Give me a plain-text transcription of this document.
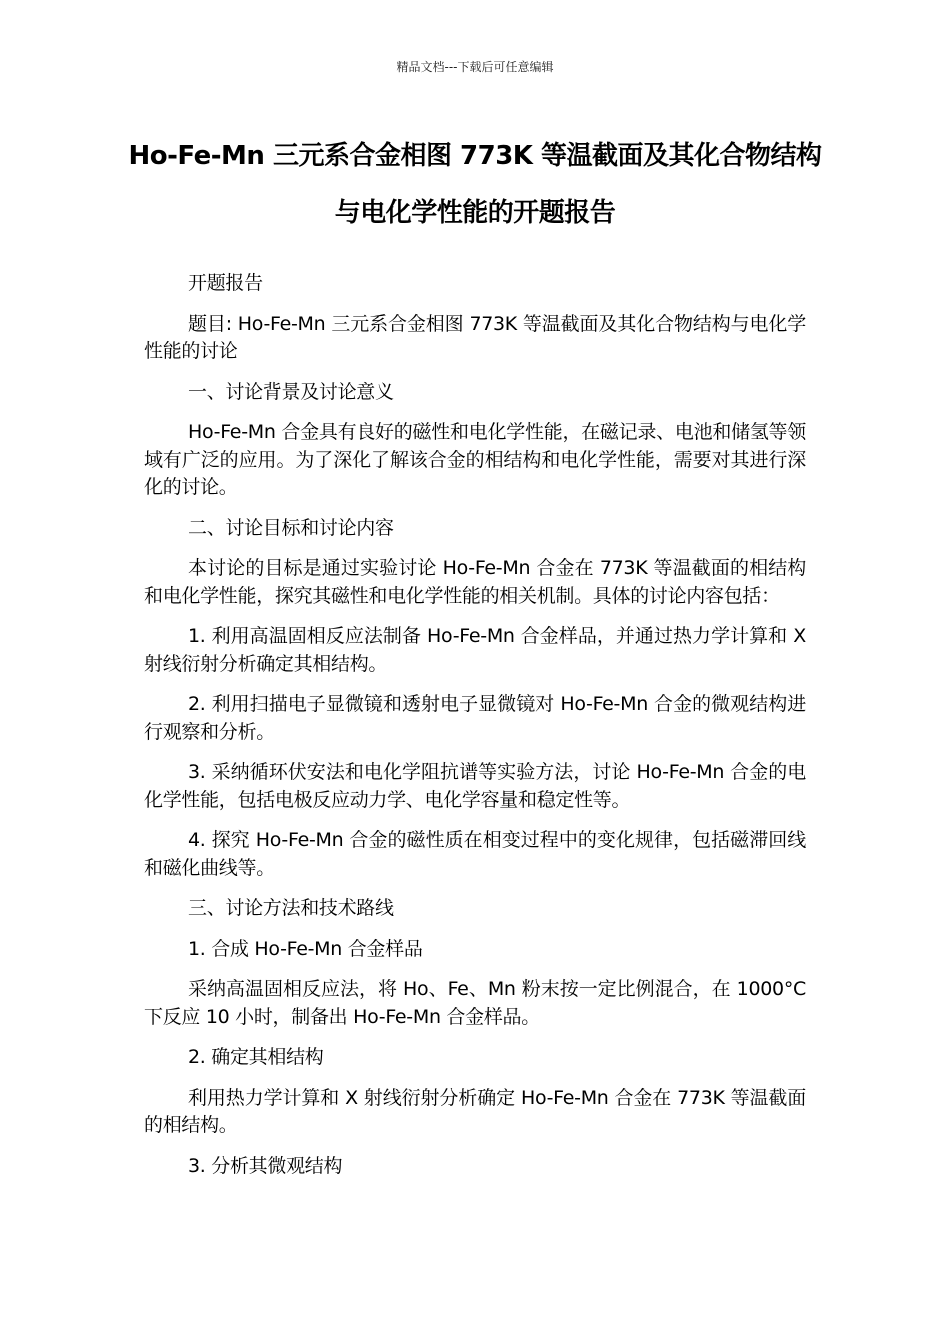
精品文档---下载后可任意编辑
Ho-Fe-Mn 三元系合金相图 773K 等温截面及其化合物结构与电化学性能的开题报告

开题报告

题目: Ho-Fe-Mn 三元系合金相图 773K 等温截面及其化合物结构与电化学性能的讨论

一、讨论背景及讨论意义

Ho-Fe-Mn 合金具有良好的磁性和电化学性能，在磁记录、电池和储氢等领域有广泛的应用。为了深化了解该合金的相结构和电化学性能，需要对其进行深化的讨论。

二、讨论目标和讨论内容

本讨论的目标是通过实验讨论 Ho-Fe-Mn 合金在 773K 等温截面的相结构和电化学性能，探究其磁性和电化学性能的相关机制。具体的讨论内容包括：

1. 利用高温固相反应法制备 Ho-Fe-Mn 合金样品，并通过热力学计算和 X 射线衍射分析确定其相结构。

2. 利用扫描电子显微镜和透射电子显微镜对 Ho-Fe-Mn 合金的微观结构进行观察和分析。

3. 采纳循环伏安法和电化学阻抗谱等实验方法，讨论 Ho-Fe-Mn 合金的电化学性能，包括电极反应动力学、电化学容量和稳定性等。

4. 探究 Ho-Fe-Mn 合金的磁性质在相变过程中的变化规律，包括磁滞回线和磁化曲线等。

三、讨论方法和技术路线

1. 合成 Ho-Fe-Mn 合金样品

采纳高温固相反应法，将 Ho、Fe、Mn 粉末按一定比例混合，在 1000°C 下反应 10 小时，制备出 Ho-Fe-Mn 合金样品。

2. 确定其相结构

利用热力学计算和 X 射线衍射分析确定 Ho-Fe-Mn 合金在 773K 等温截面的相结构。

3. 分析其微观结构
